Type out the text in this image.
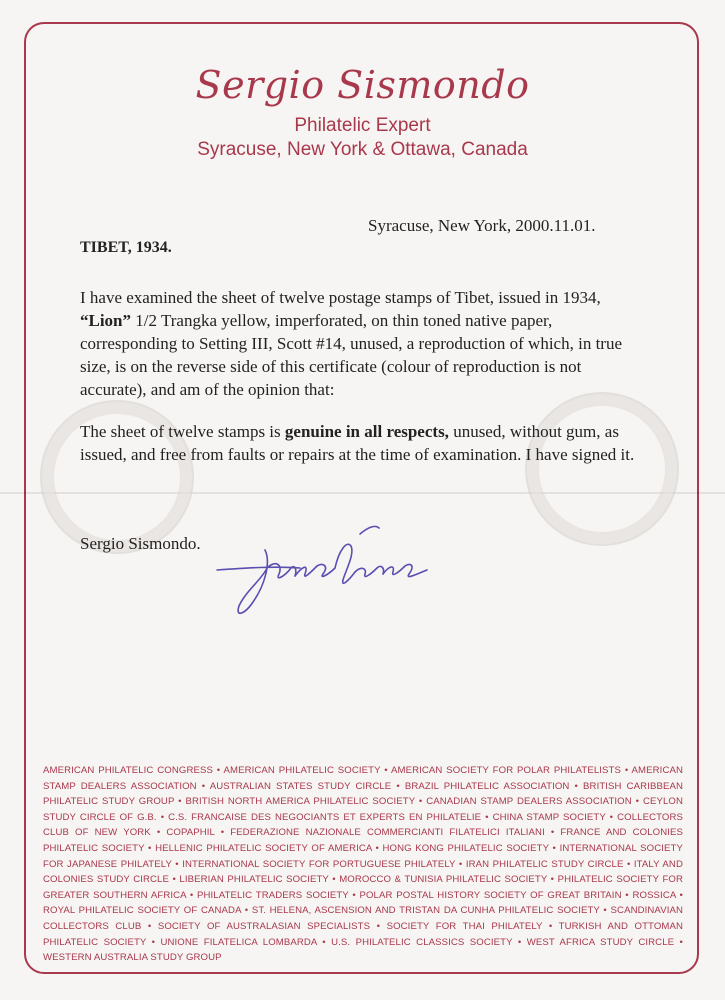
Sergio Sismondo
Philatelic Expert
Syracuse, New York & Ottawa, Canada
Syracuse, New York, 2000.11.01.
TIBET, 1934.
I have examined the sheet of twelve postage stamps of Tibet, issued in 1934, “Lion” 1/2 Trangka yellow, imperforated, on thin toned native paper, corresponding to Setting III, Scott #14, unused, a reproduction of which, in true size, is on the reverse side of this certificate (colour of reproduction is not accurate), and am of the opinion that:
The sheet of twelve stamps is genuine in all respects, unused, without gum, as issued, and free from faults or repairs at the time of examination. I have signed it.
Sergio Sismondo.
AMERICAN PHILATELIC CONGRESS • AMERICAN PHILATELIC SOCIETY • AMERICAN SOCIETY FOR POLAR PHILATELISTS • AMERICAN STAMP DEALERS ASSOCIATION • AUSTRALIAN STATES STUDY CIRCLE • BRAZIL PHILATELIC ASSOCIATION • BRITISH CARIBBEAN PHILATELIC STUDY GROUP • BRITISH NORTH AMERICA PHILATELIC SOCIETY • CANADIAN STAMP DEALERS ASSOCIATION • CEYLON STUDY CIRCLE OF G.B. • C.S. FRANCAISE DES NEGOCIANTS ET EXPERTS EN PHILATELIE • CHINA STAMP SOCIETY • COLLECTORS CLUB OF NEW YORK • COPAPHIL • FEDERAZIONE NAZIONALE COMMERCIANTI FILATELICI ITALIANI • FRANCE AND COLONIES PHILATELIC SOCIETY • HELLENIC PHILATELIC SOCIETY OF AMERICA • HONG KONG PHILATELIC SOCIETY • INTERNATIONAL SOCIETY FOR JAPANESE PHILATELY • INTERNATIONAL SOCIETY FOR PORTUGUESE PHILATELY • IRAN PHILATELIC STUDY CIRCLE • ITALY AND COLONIES STUDY CIRCLE • LIBERIAN PHILATELIC SOCIETY • MOROCCO & TUNISIA PHILATELIC SOCIETY • PHILATELIC SOCIETY FOR GREATER SOUTHERN AFRICA • PHILATELIC TRADERS SOCIETY • POLAR POSTAL HISTORY SOCIETY OF GREAT BRITAIN • ROSSICA • ROYAL PHILATELIC SOCIETY OF CANADA • ST. HELENA, ASCENSION AND TRISTAN DA CUNHA PHILATELIC SOCIETY • SCANDINAVIAN COLLECTORS CLUB • SOCIETY OF AUSTRALASIAN SPECIALISTS • SOCIETY FOR THAI PHILATELY • TURKISH AND OTTOMAN PHILATELIC SOCIETY • UNIONE FILATELICA LOMBARDA • U.S. PHILATELIC CLASSICS SOCIETY • WEST AFRICA STUDY CIRCLE • WESTERN AUSTRALIA STUDY GROUP
